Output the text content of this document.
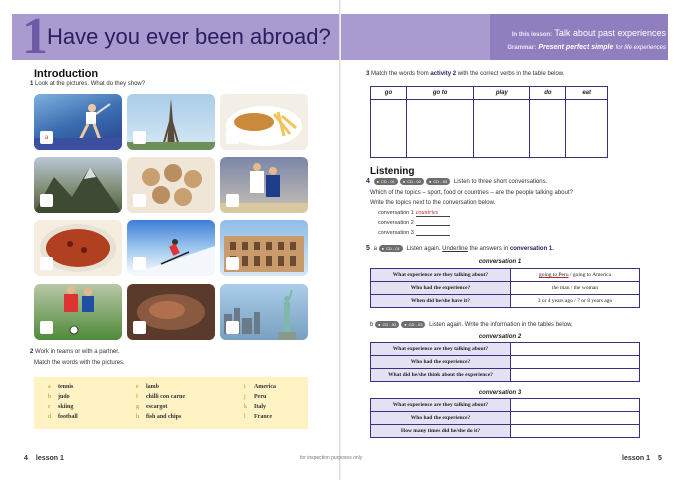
1 Have you ever been abroad?	In this lesson: Talk about past experiences
Grammar: Present perfect simple for life experiences
Introduction
1 Look at the pictures. What do they show?
a
2 Work in teams or with a partner.
Match the words with the pictures.
a	tennis
b	judo
c	skiing
d	football
e	lamb
f	chilli con carne
g	escargot
h	fish and chips
i	America
j	Peru
k	Italy
l	France
4 lesson 1	for inspection purposes only	lesson 1 5
3 Match the words from activity 2 with the correct verbs in the table below.
go	go to	play	do	eat

Listening
4	● CD - 01	● CD - 02	● CD - 03 Listen to three short conversations.
Which of the topics – sport, food or countries – are the people talking about?
Write the topics next to the conversation below.
conversation 1 countries
conversation 2
conversation 3
5 a ● CD - 01 Listen again. Underline the answers in conversation 1.
conversation 1
What experience are they talking about?	going to Peru / going to America
Who had the experience?	the man / the woman
When did he/she have it?	3 or 4 years ago / 7 or 8 years ago
b ● CD - 02	● CD - 03 Listen again. Write the information in the tables below.
conversation 2
What experience are they talking about?	
Who had the experience?	
What did he/she think about the experience?	
conversation 3
What experience are they talking about?	
Who had the experience?	
How many times did he/she do it?	
